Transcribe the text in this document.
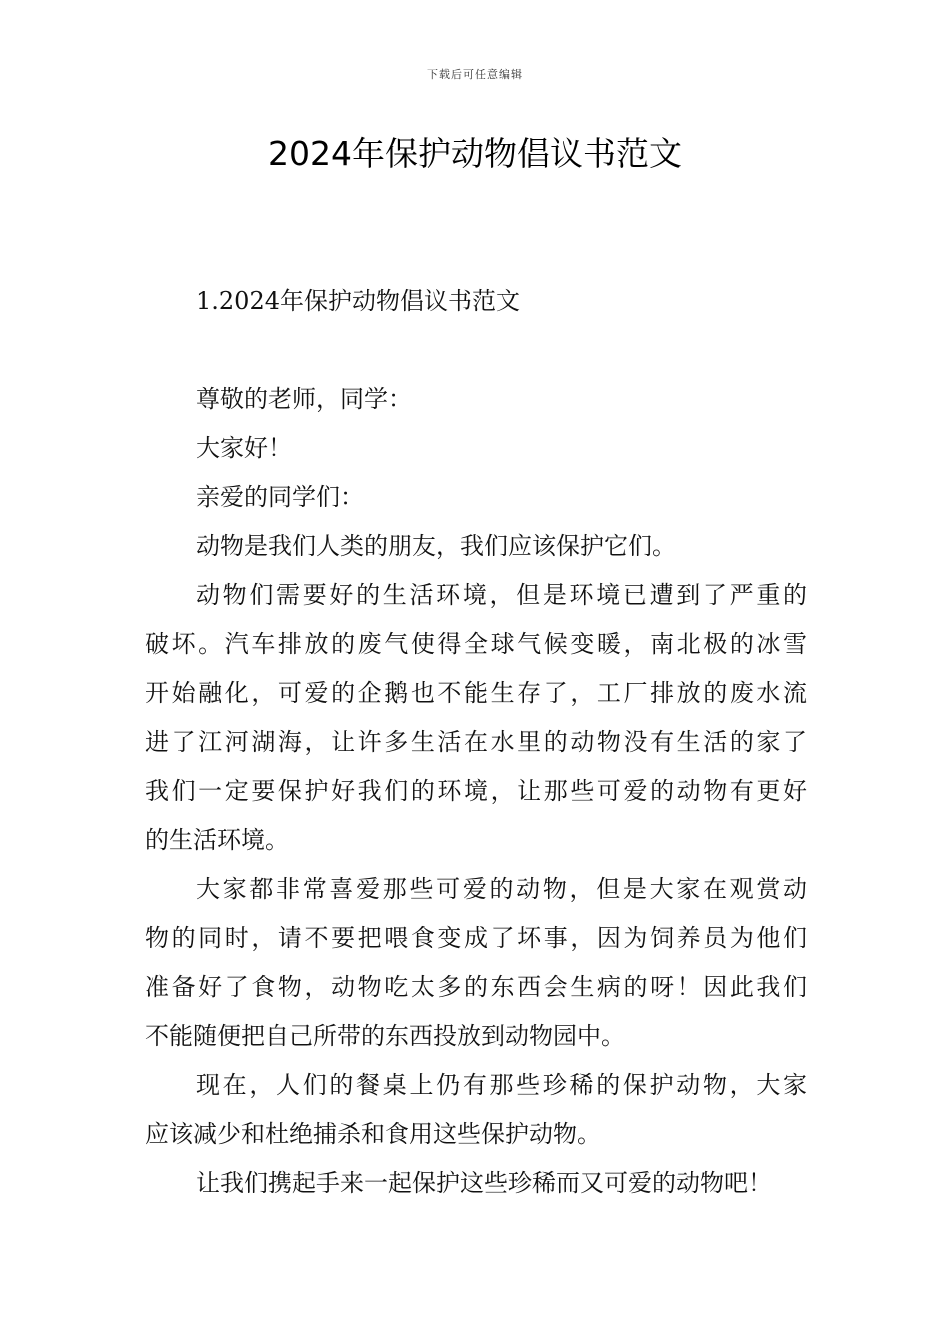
下载后可任意编辑
2024年保护动物倡议书范文
1.2024年保护动物倡议书范文
尊敬的老师，同学：
大家好！
亲爱的同学们：
动物是我们人类的朋友，我们应该保护它们。
动物们需要好的生活环境，但是环境已遭到了严重的
破坏。汽车排放的废气使得全球气候变暖，南北极的冰雪
开始融化，可爱的企鹅也不能生存了，工厂排放的废水流
进了江河湖海，让许多生活在水里的动物没有生活的家了
我们一定要保护好我们的环境，让那些可爱的动物有更好
的生活环境。
大家都非常喜爱那些可爱的动物，但是大家在观赏动
物的同时，请不要把喂食变成了坏事，因为饲养员为他们
准备好了食物，动物吃太多的东西会生病的呀！因此我们
不能随便把自己所带的东西投放到动物园中。
现在，人们的餐桌上仍有那些珍稀的保护动物，大家
应该减少和杜绝捕杀和食用这些保护动物。
让我们携起手来一起保护这些珍稀而又可爱的动物吧！
